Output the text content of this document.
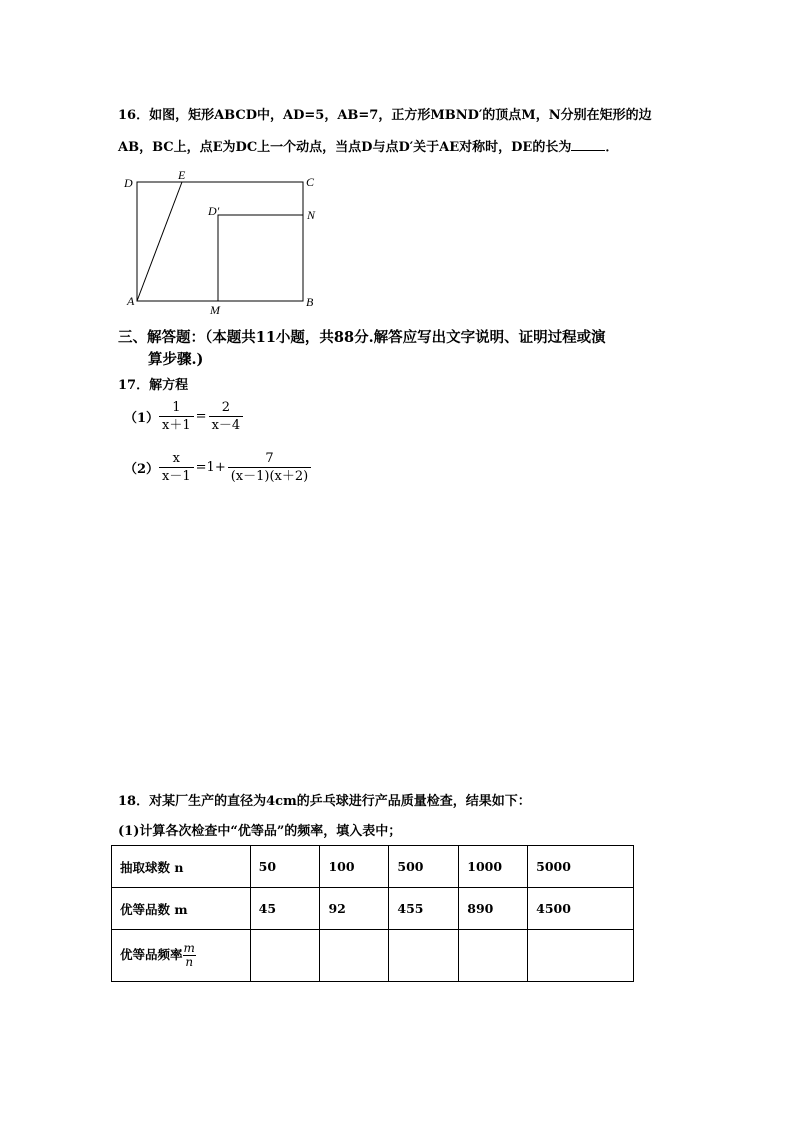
16．如图，矩形ABCD中，AD=5，AB=7，正方形MBND′的顶点M，N分别在矩形的边
AB，BC上，点E为DC上一个动点，当点D与点D′关于AE对称时，DE的长为	．
D
E	C
D′	N
A
M
B
三、解答题：（本题共11小题，共88分.解答应写出文字说明、证明过程或演
算步骤.)
17．解方程
$(1) \frac{1}{x+1} = \frac{2}{x-4}$
$(2) \frac{x}{x-1} =1+ \frac{7}{(x-1)(x+2)}$
18．对某厂生产的直径为4cm的乒乓球进行产品质量检查，结果如下：
(1)计算各次检查中“优等品”的频率，填入表中；
抽取球数 n	50	100	500	1000	5000
优等品数 m	45	92	455	890	4500
优等品频率 $\frac{m}{n}$
